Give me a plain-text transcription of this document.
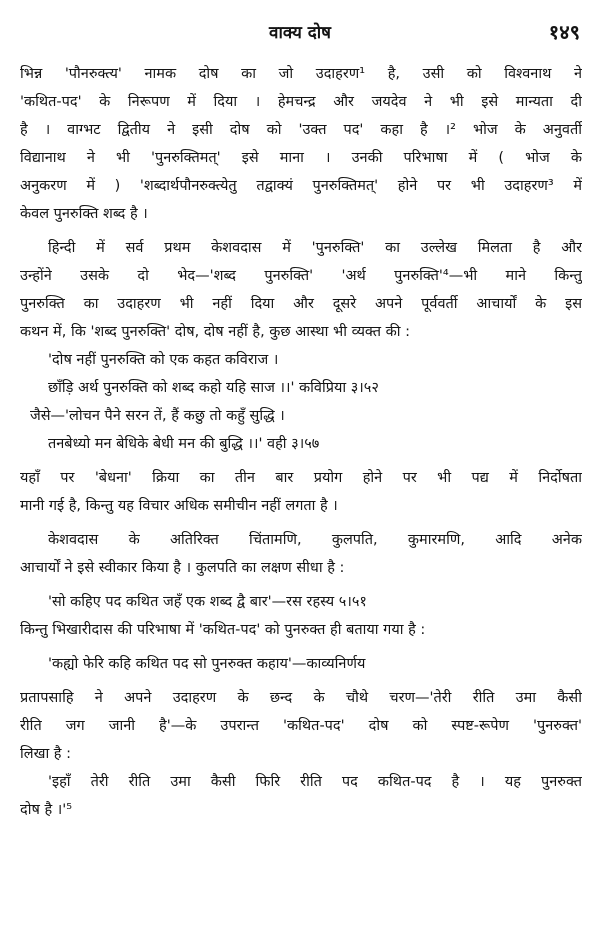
वाक्य दोष	१४९
भिन्न 'पौनरुक्त्य' नामक दोष का जो उदाहरण¹ है, उसी को विश्वनाथ ने
'कथित-पद' के निरूपण में दिया । हेमचन्द्र और जयदेव ने भी इसे मान्यता दी
है । वाग्भट द्वितीय ने इसी दोष को 'उक्त पद' कहा है ।² भोज के अनुवर्ती
विद्यानाथ ने भी 'पुनरुक्तिमत्' इसे माना । उनकी परिभाषा में ( भोज के
अनुकरण में ) 'शब्दार्थपौनरुक्त्येतु तद्वाक्यं पुनरुक्तिमत्' होने पर भी उदाहरण³ में
केवल पुनरुक्ति शब्द है ।
हिन्दी में सर्व प्रथम केशवदास में 'पुनरुक्ति' का उल्लेख मिलता है और
उन्होंने उसके दो भेद—'शब्द पुनरुक्ति' 'अर्थ पुनरुक्ति'⁴—भी माने किन्तु
पुनरुक्ति का उदाहरण भी नहीं दिया और दूसरे अपने पूर्ववर्ती आचार्यों के इस
कथन में, कि 'शब्द पुनरुक्ति' दोष, दोष नहीं है, कुछ आस्था भी व्यक्त की :
'दोष नहीं पुनरुक्ति को एक कहत कविराज ।
छाँड़ि अर्थ पुनरुक्ति को शब्द कहो यहि साज ।।' कविप्रिया ३।५२
जैसे—'लोचन पैने सरन तें, हैं कछु तो कहुँ सुद्धि ।
तनबेध्यो मन बेधिके बेधी मन की बुद्धि ।।' वही ३।५७
यहाँ पर 'बेधना' क्रिया का तीन बार प्रयोग होने पर भी पद्य में निर्दोषता
मानी गई है, किन्तु यह विचार अधिक समीचीन नहीं लगता है ।
केशवदास के अतिरिक्त चिंतामणि, कुलपति, कुमारमणि, आदि अनेक
आचार्यों ने इसे स्वीकार किया है । कुलपति का लक्षण सीधा है :
'सो कहिए पद कथित जहँ एक शब्द द्वै बार'—रस रहस्य ५।५१
किन्तु भिखारीदास की परिभाषा में 'कथित-पद' को पुनरुक्त ही बताया गया है :
'कह्यो फेरि कहि कथित पद सो पुनरुक्त कहाय'—काव्यनिर्णय
प्रतापसाहि ने अपने उदाहरण के छन्द के चौथे चरण—'तेरी रीति उमा कैसी
रीति जग जानी है'—के उपरान्त 'कथित-पद' दोष को स्पष्ट-रूपेण 'पुनरुक्त'
लिखा है :
'इहाँ तेरी रीति उमा कैसी फिरि रीति पद कथित-पद है । यह पुनरुक्त
दोष है ।'⁵
